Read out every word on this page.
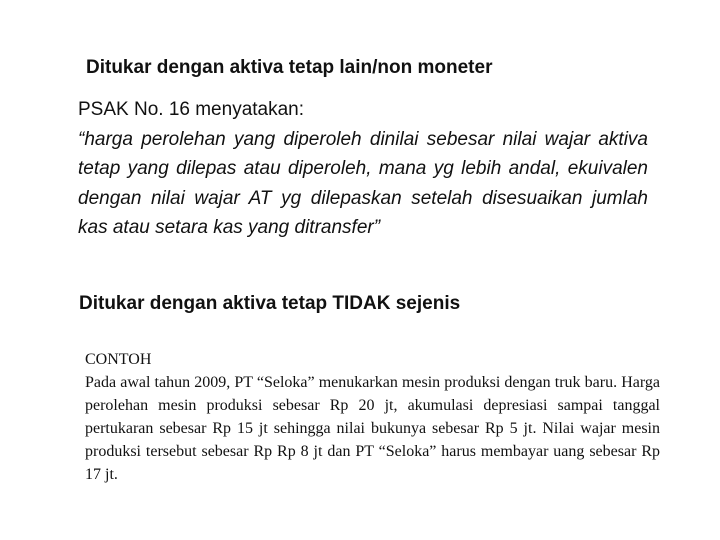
Ditukar dengan aktiva tetap lain/non moneter

PSAK No. 16 menyatakan:

“harga perolehan yang diperoleh dinilai sebesar nilai wajar aktiva tetap yang dilepas atau diperoleh, mana yg lebih andal, ekuivalen dengan nilai wajar AT yg dilepaskan setelah disesuaikan jumlah kas atau setara kas yang ditransfer”

Ditukar dengan aktiva tetap TIDAK sejenis

CONTOH

Pada awal tahun 2009, PT “Seloka” menukarkan mesin produksi dengan truk baru. Harga perolehan mesin produksi sebesar Rp 20 jt, akumulasi depresiasi sampai tanggal pertukaran sebesar Rp 15 jt sehingga nilai bukunya sebesar Rp 5 jt. Nilai wajar mesin produksi tersebut sebesar Rp Rp 8 jt dan PT “Seloka” harus membayar uang sebesar Rp 17 jt.
